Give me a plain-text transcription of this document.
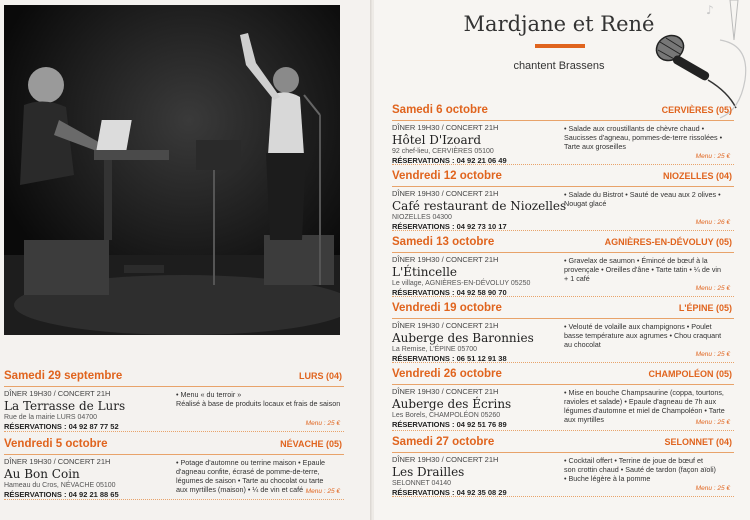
Samedi 29 septembre	LURS (04)
DÎNER 19H30 / CONCERT 21H
La Terrasse de Lurs
Rue de la mairie LURS 04700
RÉSERVATIONS : 04 92 87 77 52
• Menu « du terroir »
Réalisé à base de produits locaux et frais de saison
Menu : 25 €
Vendredi 5 octobre	NÉVACHE (05)
DÎNER 19H30 / CONCERT 21H
Au Bon Coin
Hameau du Cros, NÉVACHE 05100
RÉSERVATIONS : 04 92 21 88 65
• Potage d'automne ou terrine maison • Epaule
d'agneau confite, écrasé de pomme-de-terre,
légumes de saison • Tarte au chocolat ou tarte
aux myrtilles (maison) • ¼ de vin et café Menu : 25 €
Mardjane et René
chantent Brassens
♪
Samedi 6 octobre	CERVIÈRES (05)
DÎNER 19H30 / CONCERT 21H
Hôtel D'Izoard
92 chef-lieu, CERVIÈRES 05100
RÉSERVATIONS : 04 92 21 06 49
• Salade aux croustillants de chèvre chaud •
Saucisses d'agneau, pommes-de-terre rissolées •
Tarte aux groseilles
Menu : 25 €
Vendredi 12 octobre	NIOZELLES (04)
DÎNER 19H30 / CONCERT 21H
Café restaurant de Niozelles
NIOZELLES 04300
RÉSERVATIONS : 04 92 73 10 17
• Salade du Bistrot • Sauté de veau aux 2 olives •
Nougat glacé
Menu : 26 €
Samedi 13 octobre	AGNIÈRES-EN-DÉVOLUY (05)
DÎNER 19H30 / CONCERT 21H
L'Étincelle
Le village, AGNIÈRES-EN-DÉVOLUY 05250
RÉSERVATIONS : 04 92 58 90 70
• Gravelax de saumon • Émincé de bœuf à la
provençale • Oreilles d'âne • Tarte tatin • ¼ de vin
+ 1 café
Menu : 25 €
Vendredi 19 octobre	L'ÉPINE (05)
DÎNER 19H30 / CONCERT 21H
Auberge des Baronnies
La Remise, L'ÉPINE 05700
RÉSERVATIONS : 06 51 12 91 38
• Velouté de volaille aux champignons • Poulet
basse température aux agrumes • Chou craquant
au chocolat
Menu : 25 €
Vendredi 26 octobre	CHAMPOLÉON (05)
DÎNER 19H30 / CONCERT 21H
Auberge des Écrins
Les Borels, CHAMPOLÉON 05260
RÉSERVATIONS : 04 92 51 76 89
• Mise en bouche Champsaurine (coppa, tourtons,
ravioles et salade) • Epaule d'agneau de 7h aux
légumes d'automne et miel de Champoléon • Tarte
aux myrtilles	Menu : 25 €
Samedi 27 octobre	SELONNET (04)
DÎNER 19H30 / CONCERT 21H
Les Drailles
SELONNET 04140
RÉSERVATIONS : 04 92 35 08 29
• Cocktail offert • Terrine de joue de bœuf et
son crottin chaud • Sauté de tardon (façon aïoli)
• Buche légère à la pomme
Menu : 25 €
